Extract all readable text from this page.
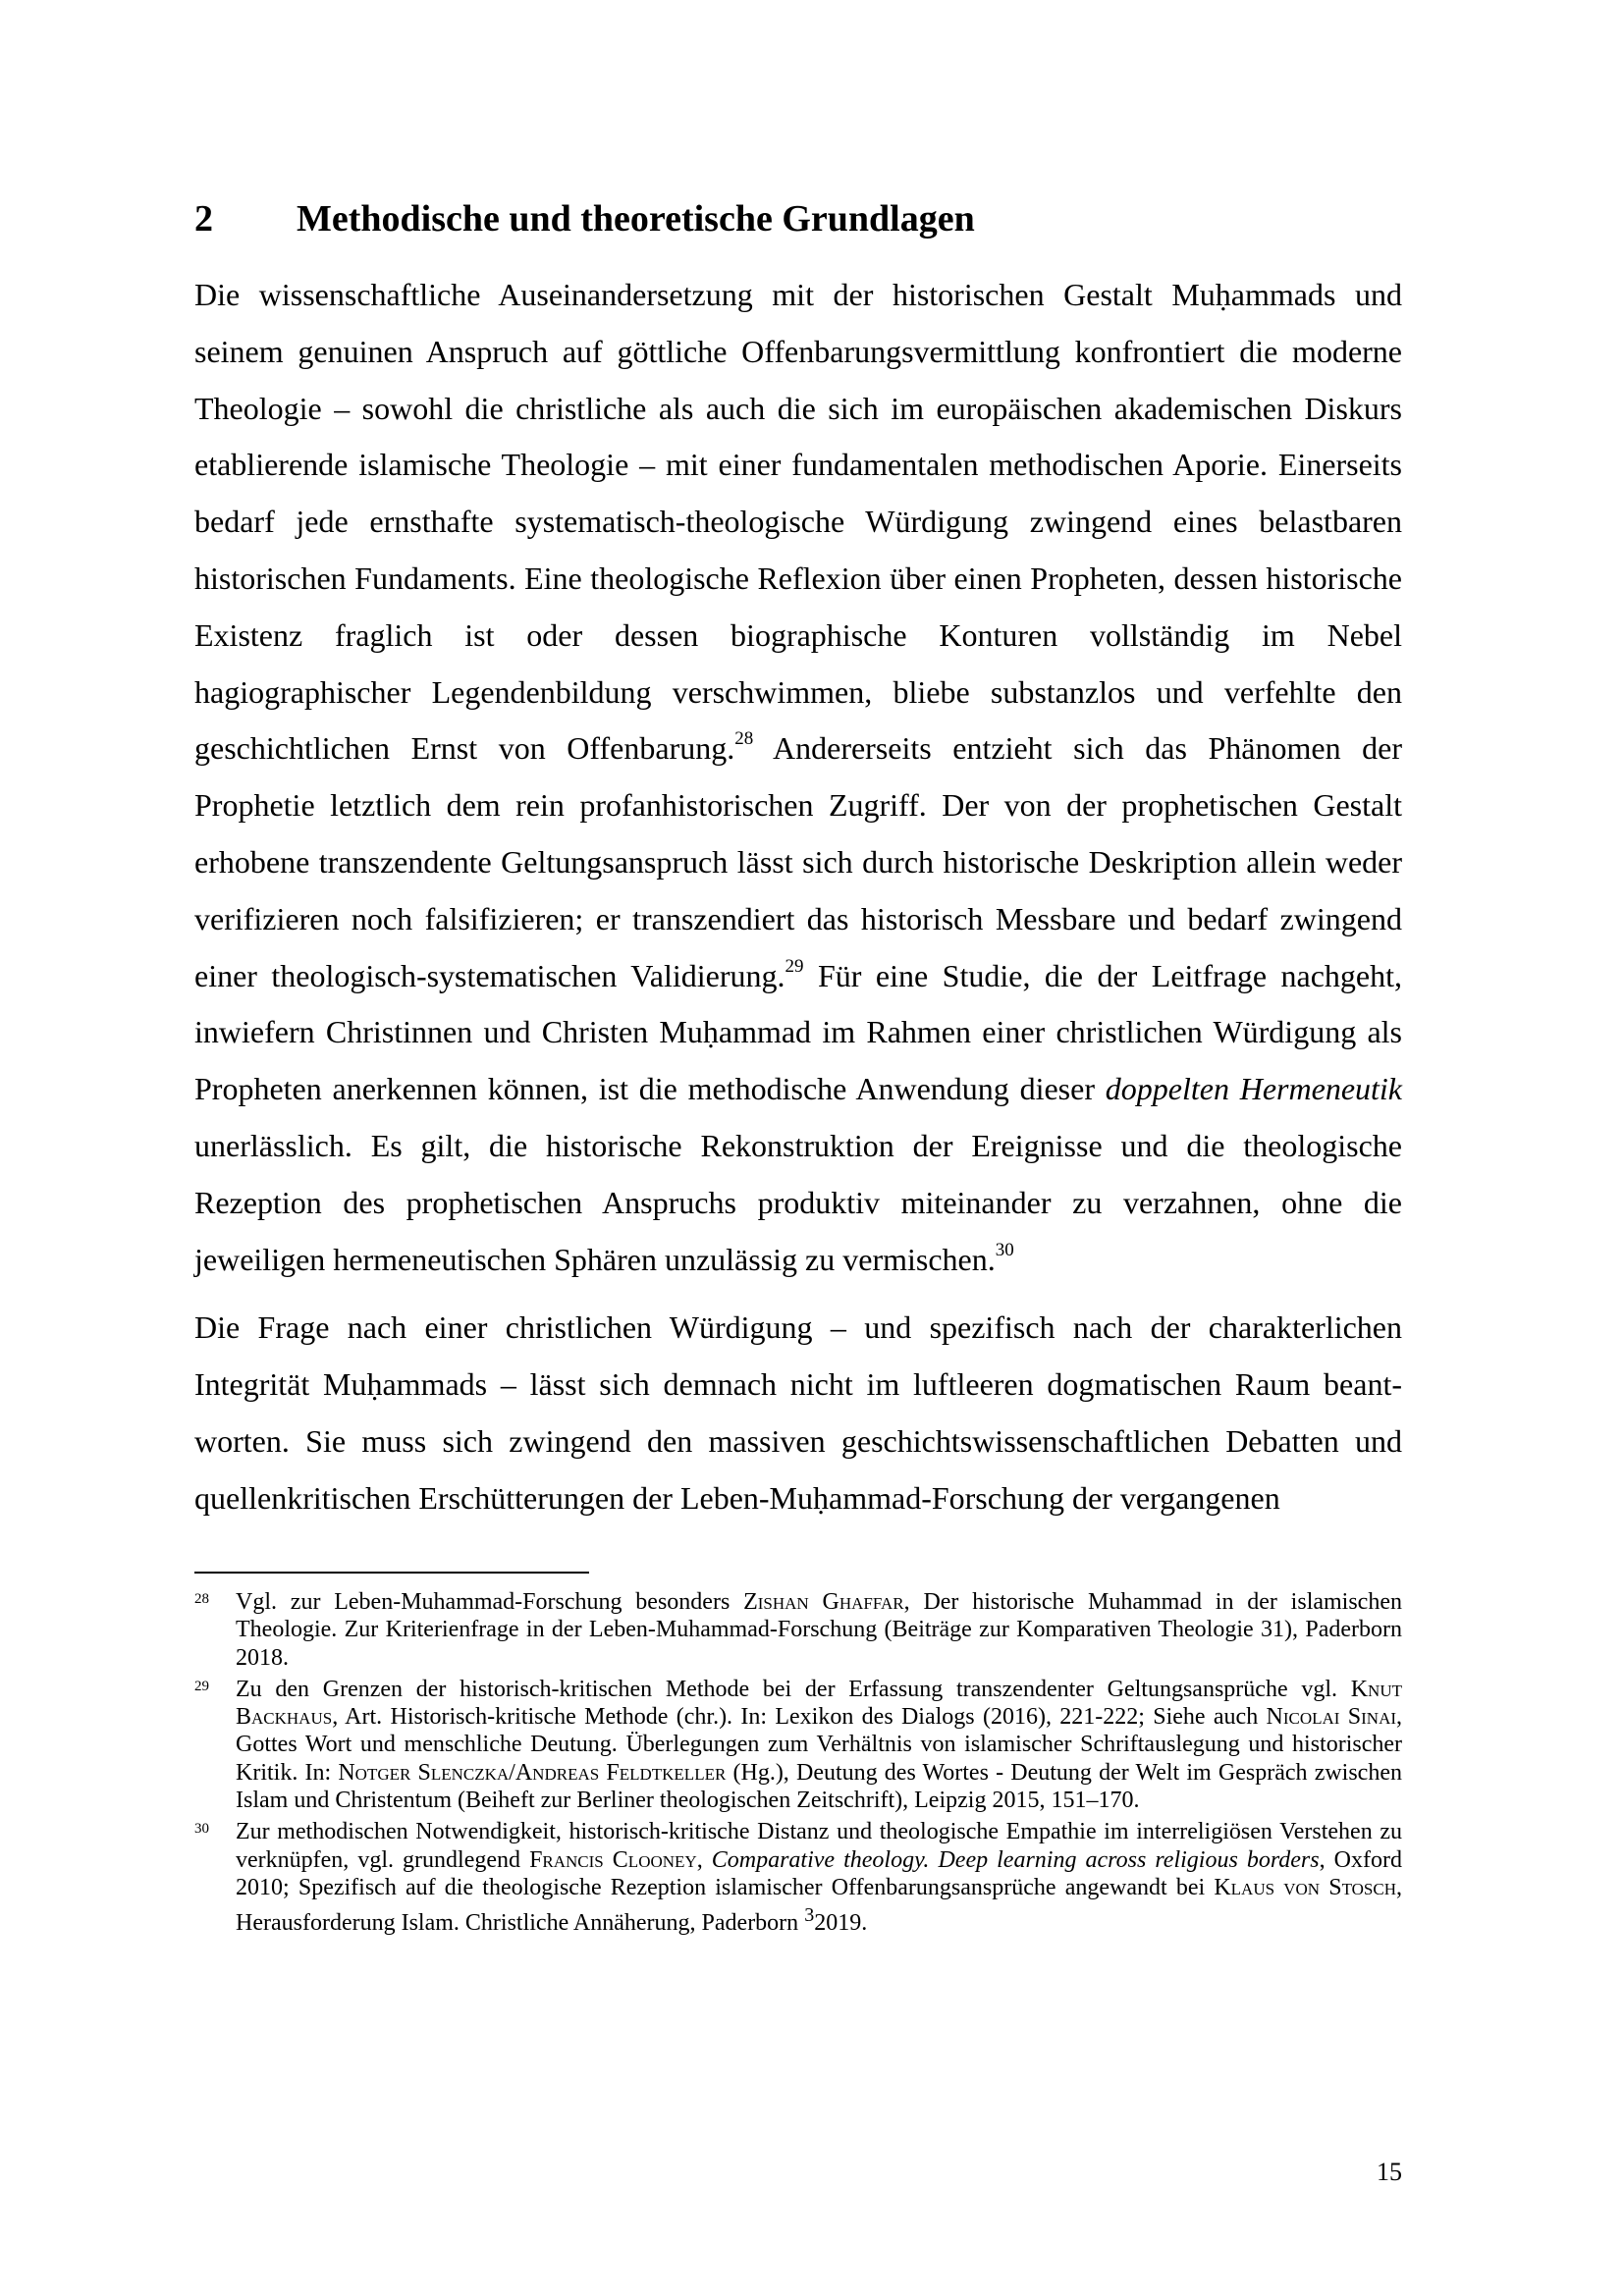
2 Methodische und theoretische Grundlagen

Die wissenschaftliche Auseinandersetzung mit der historischen Gestalt Muḥammads und seinem genuinen Anspruch auf göttliche Offenbarungsvermittlung konfrontiert die moderne Theologie – sowohl die christliche als auch die sich im europäischen akademischen Diskurs etablierende islamische Theologie – mit einer fundamentalen methodischen Aporie. Einerseits bedarf jede ernsthafte systematisch-theologische Würdigung zwingend eines belastbaren historischen Fundaments. Eine theologische Reflexion über einen Propheten, dessen historische Existenz fraglich ist oder dessen biographische Konturen vollständig im Nebel hagiographischer Legendenbildung verschwimmen, bliebe substanzlos und verfehlte den geschichtlichen Ernst von Offenbarung.$^{28}$ Andererseits entzieht sich das Phänomen der Prophetie letztlich dem rein profanhistorischen Zugriff. Der von der prophetischen Gestalt erhobene transzendente Geltungsanspruch lässt sich durch historische Deskription allein weder verifizieren noch falsifizieren; er transzendiert das historisch Messbare und bedarf zwingend einer theologisch-systematischen Validierung.$^{29}$ Für eine Studie, die der Leitfrage nachgeht, inwiefern Christinnen und Christen Muḥammad im Rahmen einer christlichen Würdigung als Propheten anerkennen können, ist die methodische Anwendung dieser doppelten Hermeneutik unerlässlich. Es gilt, die historische Rekonstruktion der Ereignisse und die theologische Rezeption des prophetischen Anspruchs produktiv miteinander zu verzahnen, ohne die jeweiligen hermeneutischen Sphären unzulässig zu vermischen.$^{30}$

Die Frage nach einer christlichen Würdigung – und spezifisch nach der charakterlichen Integrität Muḥammads – lässt sich demnach nicht im luftleeren dogmatischen Raum beantworten. Sie muss sich zwingend den massiven geschichtswissenschaftlichen Debatten und quellenkritischen Erschütterungen der Leben-Muḥammad-Forschung der vergangenen

28 Vgl. zur Leben-Muhammad-Forschung besonders Zishan Ghaffar, Der historische Muhammad in der islamischen Theologie. Zur Kriterienfrage in der Leben-Muhammad-Forschung (Beiträge zur Komparativen Theologie 31), Paderborn 2018.
29 Zu den Grenzen der historisch-kritischen Methode bei der Erfassung transzendenter Geltungsansprüche vgl. Knut Backhaus, Art. Historisch-kritische Methode (chr.). In: Lexikon des Dialogs (2016), 221-222; Siehe auch Nicolai Sinai, Gottes Wort und menschliche Deutung. Überlegungen zum Verhältnis von islamischer Schriftauslegung und historischer Kritik. In: Notger Slenczka/Andreas Feldtkeller (Hg.), Deutung des Wortes - Deutung der Welt im Gespräch zwischen Islam und Christentum (Beiheft zur Berliner theologischen Zeitschrift), Leipzig 2015, 151–170.
30 Zur methodischen Notwendigkeit, historisch-kritische Distanz und theologische Empathie im interreligiösen Verstehen zu verknüpfen, vgl. grundlegend Francis Clooney, Comparative theology. Deep learning across religious borders, Oxford 2010; Spezifisch auf die theologische Rezeption islamischer Offenbarungsansprüche angewandt bei Klaus von Stosch, Herausforderung Islam. Christliche Annäherung, Paderborn $^3$2019.
15
